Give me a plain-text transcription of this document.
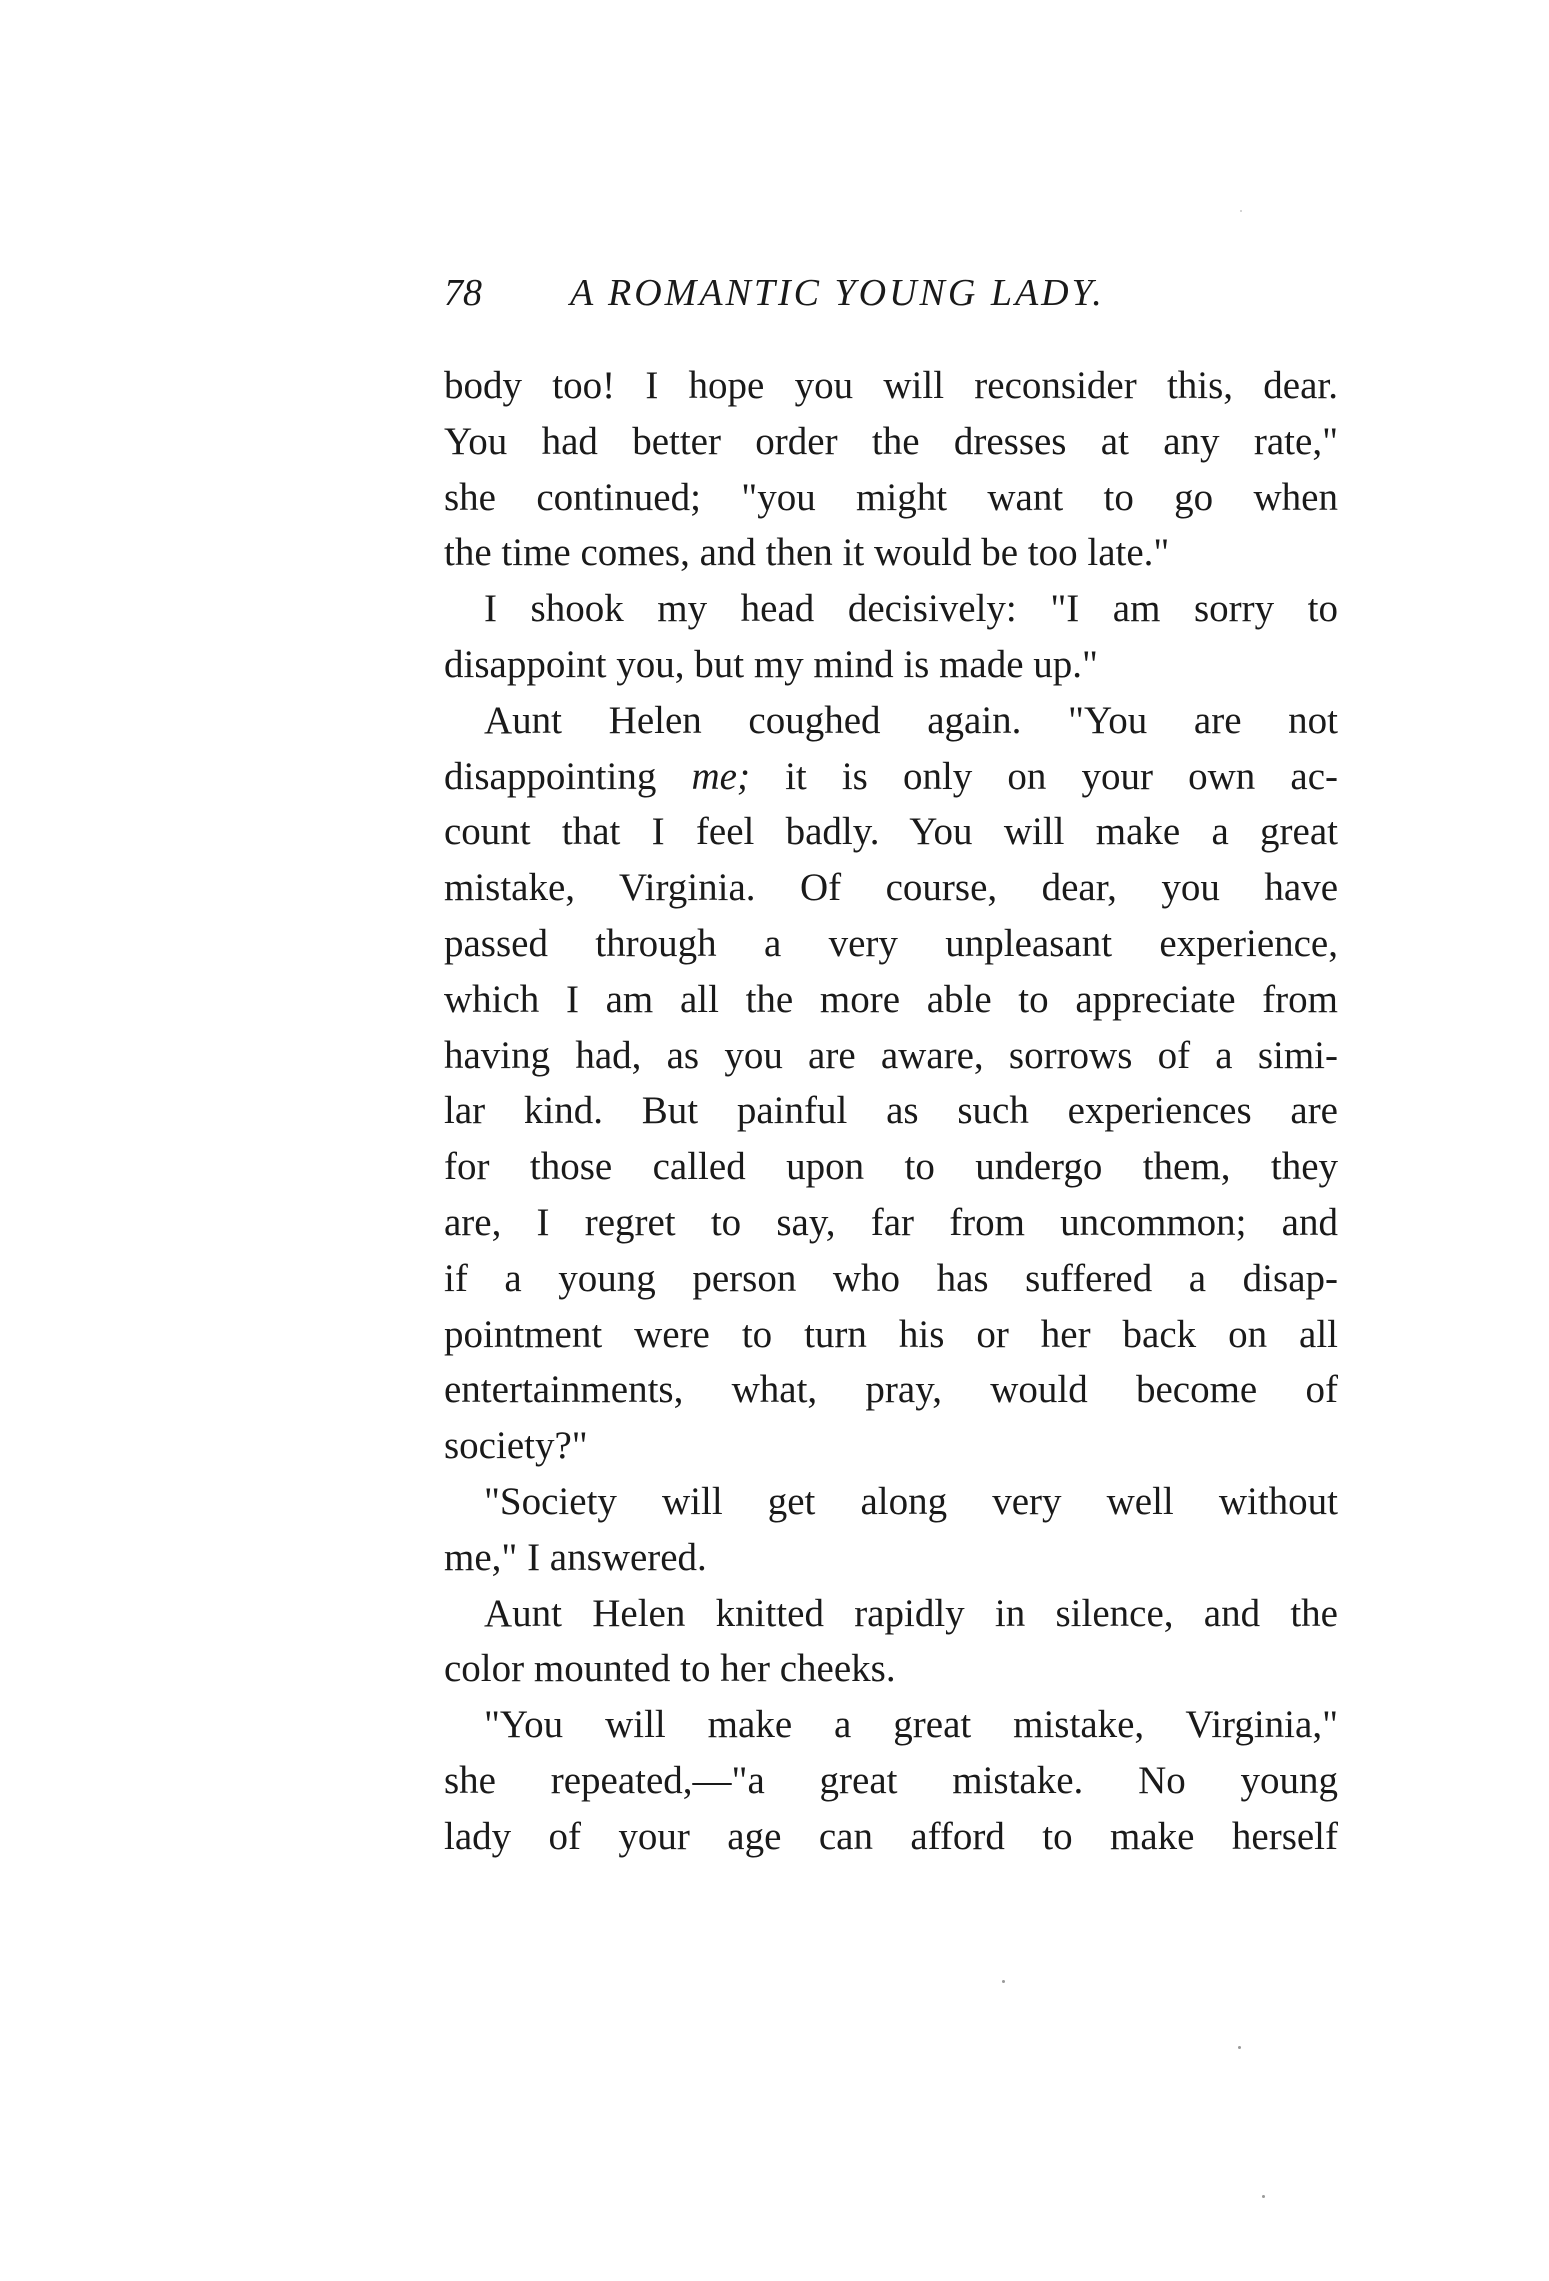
78 A ROMANTIC YOUNG LADY.
body too! I hope you will reconsider this, dear.
You had better order the dresses at any rate,"
she continued; "you might want to go when
the time comes, and then it would be too late."
I shook my head decisively: "I am sorry to
disappoint you, but my mind is made up."
Aunt Helen coughed again. "You are not
disappointing me; it is only on your own ac-
count that I feel badly. You will make a great
mistake, Virginia. Of course, dear, you have
passed through a very unpleasant experience,
which I am all the more able to appreciate from
having had, as you are aware, sorrows of a simi-
lar kind. But painful as such experiences are
for those called upon to undergo them, they
are, I regret to say, far from uncommon; and
if a young person who has suffered a disap-
pointment were to turn his or her back on all
entertainments, what, pray, would become of
society?"
"Society will get along very well without
me," I answered.
Aunt Helen knitted rapidly in silence, and the
color mounted to her cheeks.
"You will make a great mistake, Virginia,"
she repeated,—"a great mistake. No young
lady of your age can afford to make herself
